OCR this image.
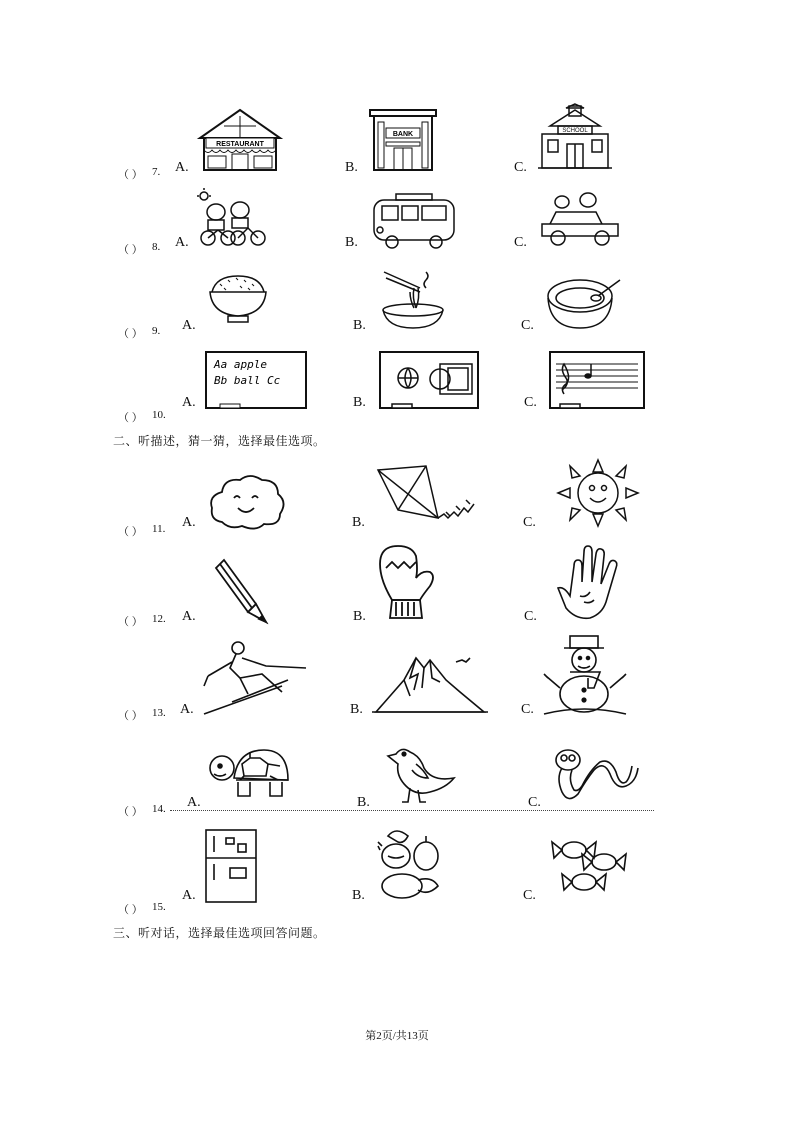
（ ） 7. A.	B.	C.
RESTAURANT
BANK	SCHOOL
（ ） 8. A.	B.	C.
（ ） 9. A.	B.	C.
（ ） 10.
A.	B.	C.
Aa apple
Bb ball Cc
二、听描述，猜一猜，选择最佳选项。
（ ） 11. A.	B.	C.
（ ） 12. A.	B.	C.
（ ） 13. A.	B.	C.
（ ） 14. A.	B.	C.
（ ） 15.
A.	B.	C.
三、听对话，选择最佳选项回答问题。
第2页/共13页
